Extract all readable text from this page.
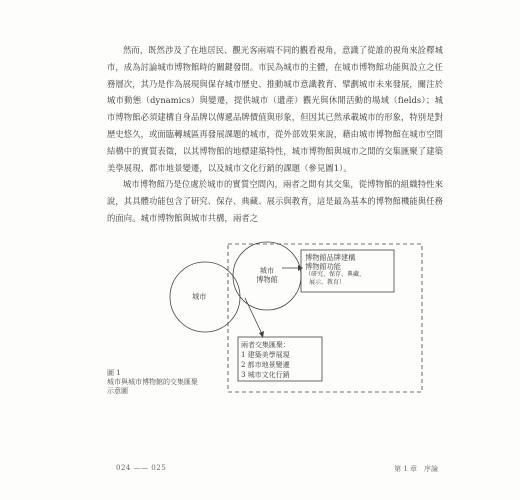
然而，既然涉及了在地居民、觀光客兩端不同的觀看視角，意識了從誰的視角來詮釋城市，成為討論城市博物館時的關鍵發問。市民為城市的主體，在城市博物館功能與設立之任務層次，其乃是作為展現與保存城市歷史、推動城市意識教育、擘劃城市未來發展，關注於城市動態（dynamics）與變遷，提供城市（遺產）觀光與休閒活動的場域（fields）；城市博物館必須建構自身品牌以傳遞品牌價值與形象，但因其已然承載城市的形象，特別是對歷史悠久，或面臨轉城區再發展課題的城市，從外部效果來說，藉由城市博物館在城市空間結構中的實質表徵，以其博物館的地標建築特性，城市博物館與城市之間的交集匯聚了建築美學展現、都市地景變遷，以及城市文化行銷的課題（參見圖1）。

城市博物館乃是位處於城市的實質空間內，兩者之間有其交集，從博物館的組織特性來說，其具體功能包含了研究、保存、典藏、展示與教育，這是最為基本的博物館機能與任務的面向。城市博物館與城市共構，兩者之

城市
城市
博物館
博物館品牌建構
博物館功能
（研究、保存、典藏、
展示、教育）
兩者交集匯聚：
1 建築美學展現
2 都市地景變遷
3 城市文化行銷
圖 1
城市與城市博物館的交集匯聚
示意圖
024 —— 025	第 1 章　序論
